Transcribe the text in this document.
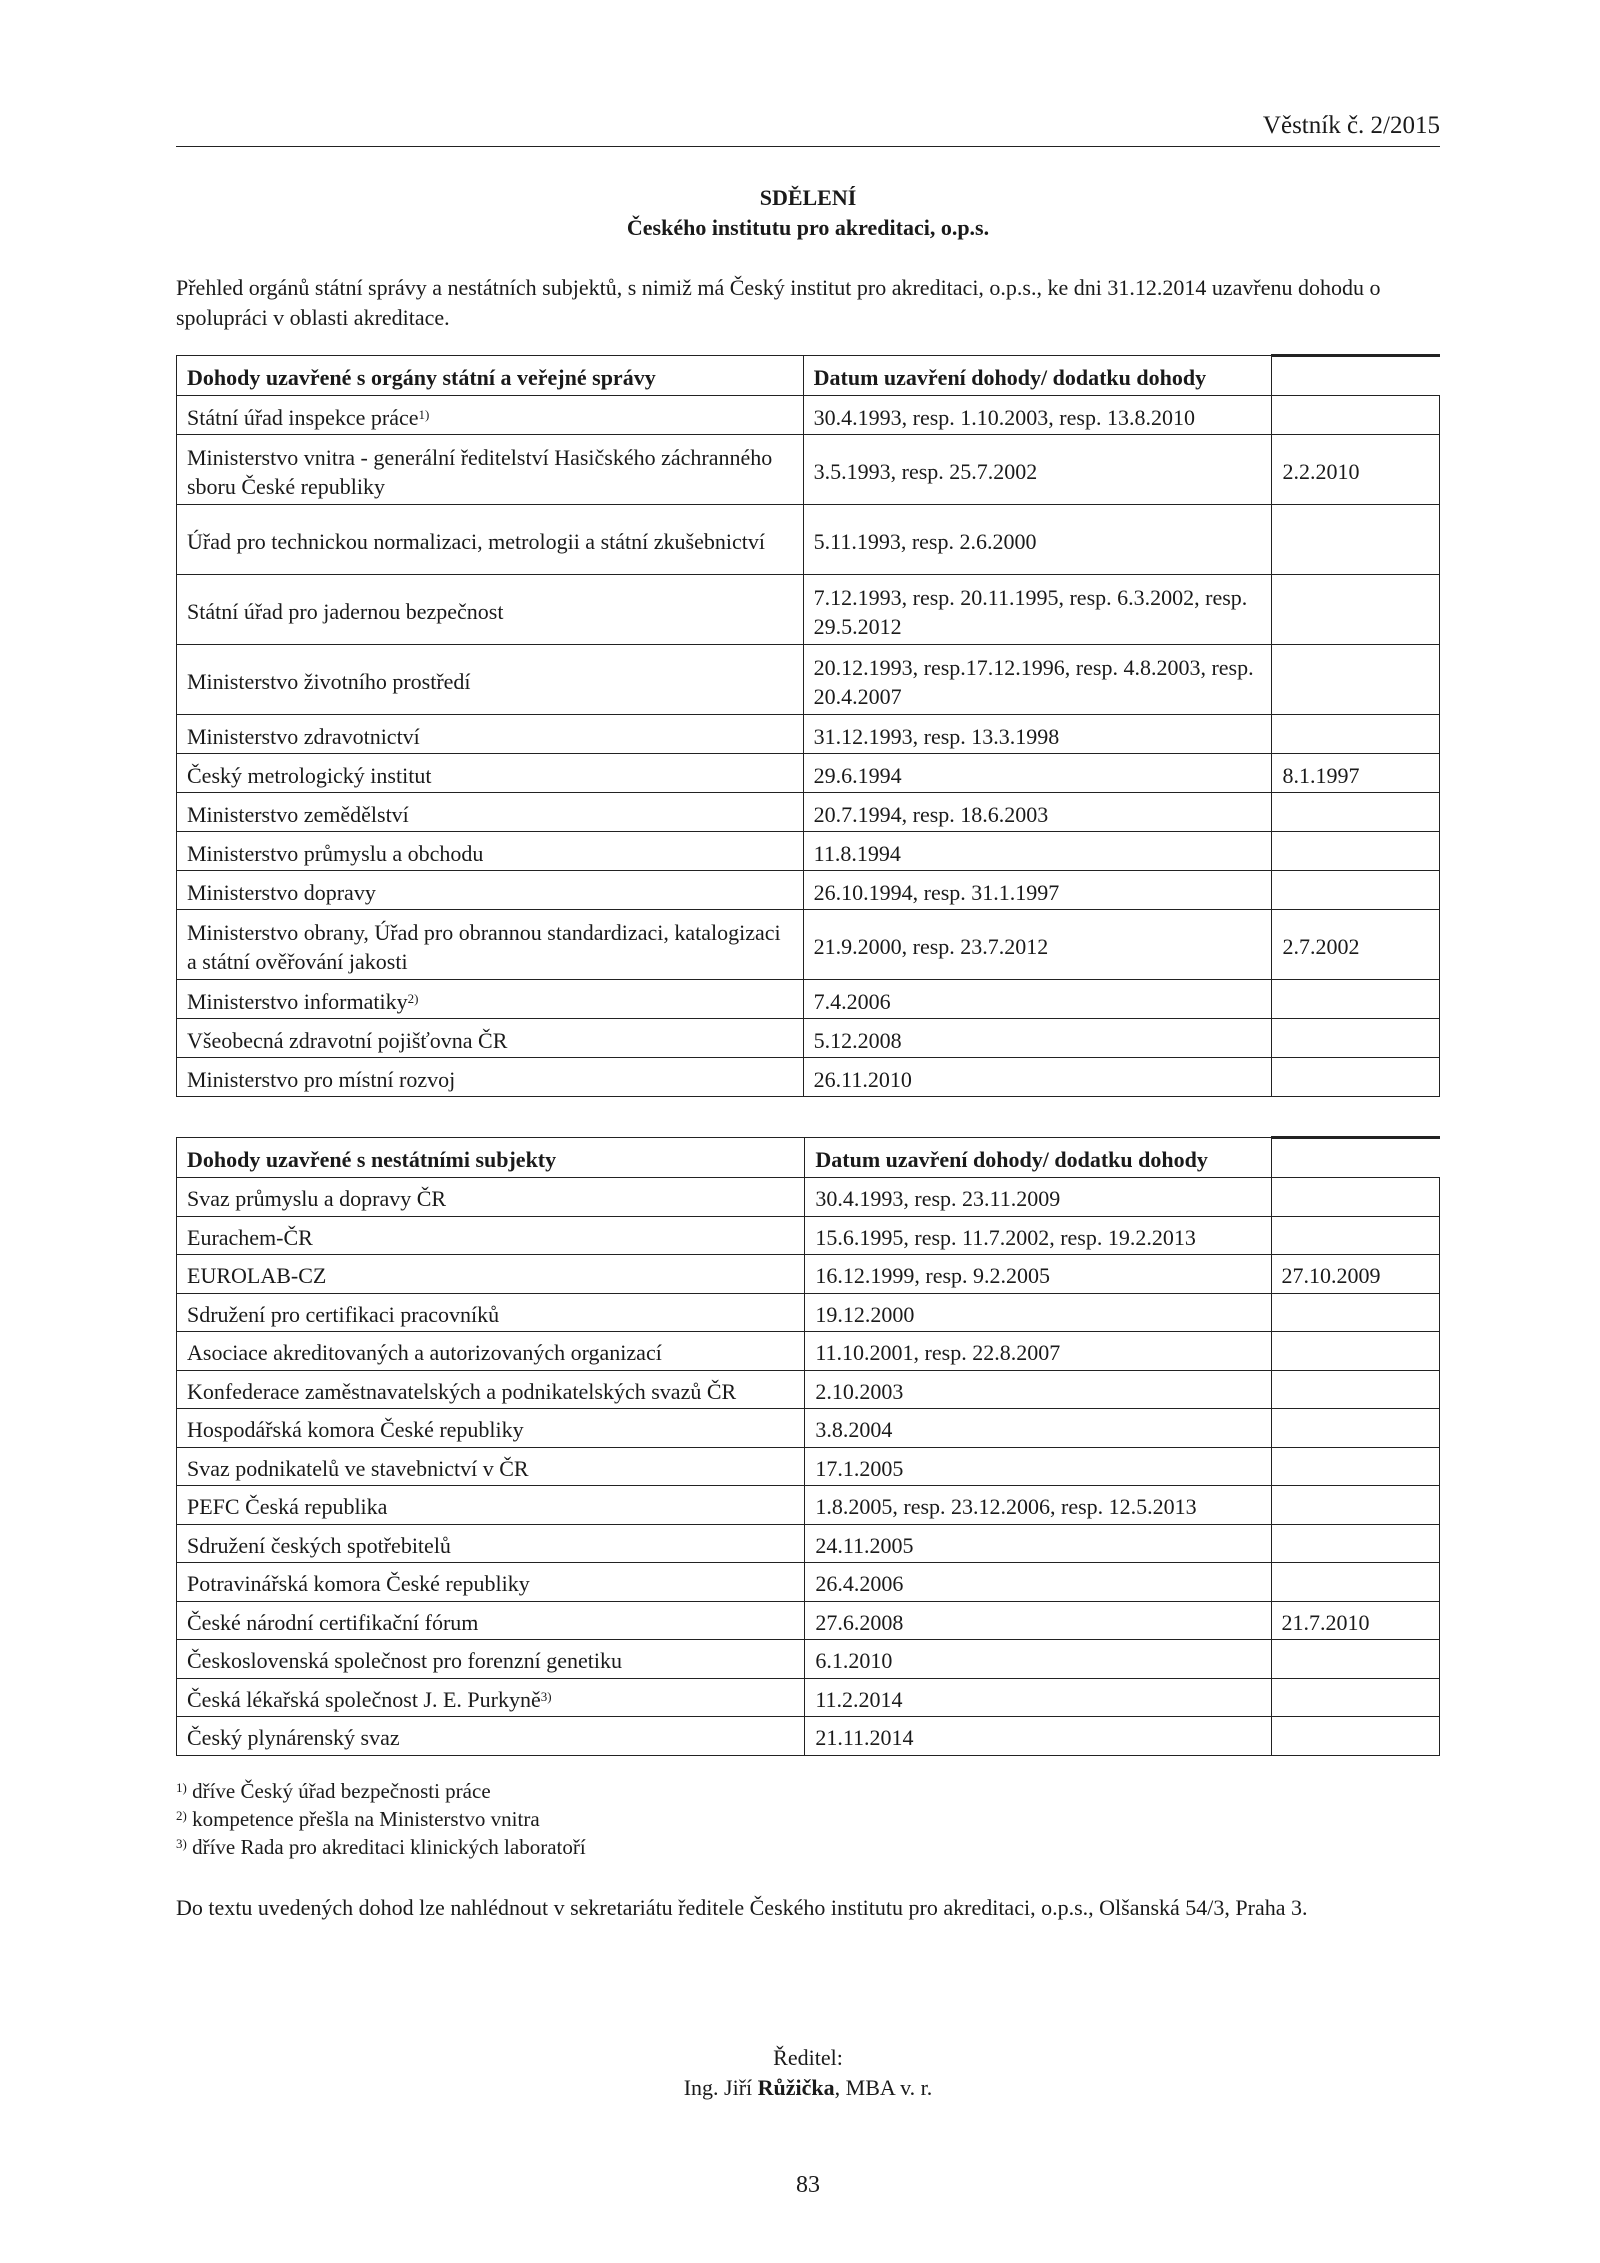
Věstník č. 2/2015
SDĚLENÍ
Českého institutu pro akreditaci, o.p.s.
Přehled orgánů státní správy a nestátních subjektů, s nimiž má Český institut pro akreditaci, o.p.s., ke dni 31.12.2014 uzavřenu dohodu o spolupráci v oblasti akreditace.
Dohody uzavřené s orgány státní a veřejné správy	Datum uzavření dohody/ dodatku dohody	
Státní úřad inspekce práce$^{1)}$	30.4.1993, resp. 1.10.2003, resp. 13.8.2010	
Ministerstvo vnitra - generální ředitelství Hasičského záchranného sboru České republiky	3.5.1993, resp. 25.7.2002	2.2.2010
Úřad pro technickou normalizaci, metrologii a státní zkušebnictví	5.11.1993, resp. 2.6.2000	
Státní úřad pro jadernou bezpečnost	7.12.1993, resp. 20.11.1995, resp. 6.3.2002, resp. 29.5.2012	
Ministerstvo životního prostředí	20.12.1993, resp.17.12.1996, resp. 4.8.2003, resp. 20.4.2007	
Ministerstvo zdravotnictví	31.12.1993, resp. 13.3.1998	
Český metrologický institut	29.6.1994	8.1.1997
Ministerstvo zemědělství	20.7.1994, resp. 18.6.2003	
Ministerstvo průmyslu a obchodu	11.8.1994	
Ministerstvo dopravy	26.10.1994, resp. 31.1.1997	
Ministerstvo obrany, Úřad pro obrannou standardizaci, katalogizaci a státní ověřování jakosti	21.9.2000, resp. 23.7.2012	2.7.2002
Ministerstvo informatiky$^{2)}$	7.4.2006	
Všeobecná zdravotní pojišťovna ČR	5.12.2008	
Ministerstvo pro místní rozvoj	26.11.2010	
Dohody uzavřené s nestátními subjekty	Datum uzavření dohody/ dodatku dohody	
Svaz průmyslu a dopravy ČR	30.4.1993, resp. 23.11.2009	
Eurachem-ČR	15.6.1995, resp. 11.7.2002, resp. 19.2.2013	
EUROLAB-CZ	16.12.1999, resp. 9.2.2005	27.10.2009
Sdružení pro certifikaci pracovníků	19.12.2000	
Asociace akreditovaných a autorizovaných organizací	11.10.2001, resp. 22.8.2007	
Konfederace zaměstnavatelských a podnikatelských svazů ČR	2.10.2003	
Hospodářská komora České republiky	3.8.2004	
Svaz podnikatelů ve stavebnictví v ČR	17.1.2005	
PEFC Česká republika	1.8.2005, resp. 23.12.2006, resp. 12.5.2013	
Sdružení českých spotřebitelů	24.11.2005	
Potravinářská komora České republiky	26.4.2006	
České národní certifikační fórum	27.6.2008	21.7.2010
Československá společnost pro forenzní genetiku	6.1.2010	
Česká lékařská společnost J. E. Purkyně$^{3)}$	11.2.2014	
Český plynárenský svaz	21.11.2014	
$^{1)}$ dříve Český úřad bezpečnosti práce
$^{2)}$ kompetence přešla na Ministerstvo vnitra
$^{3)}$ dříve Rada pro akreditaci klinických laboratoří
Do textu uvedených dohod lze nahlédnout v sekretariátu ředitele Českého institutu pro akreditaci, o.p.s., Olšanská 54/3, Praha 3.
Ředitel:
Ing. Jiří Růžička, MBA v. r.
83
